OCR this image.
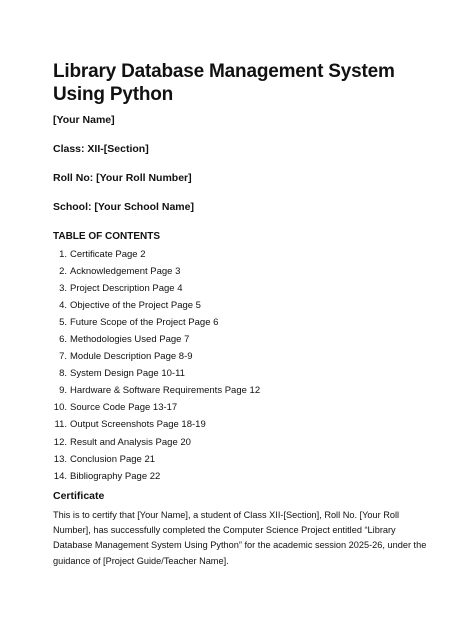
Library Database Management System Using Python

[Your Name]

Class: XII-[Section]

Roll No: [Your Roll Number]

School: [Your School Name]

TABLE OF CONTENTS
1. Certificate Page 2
2. Acknowledgement Page 3
3. Project Description Page 4
4. Objective of the Project Page 5
5. Future Scope of the Project Page 6
6. Methodologies Used Page 7
7. Module Description Page 8-9
8. System Design Page 10-11
9. Hardware & Software Requirements Page 12
10. Source Code Page 13-17
11. Output Screenshots Page 18-19
12. Result and Analysis Page 20
13. Conclusion Page 21
14. Bibliography Page 22
Certificate

This is to certify that [Your Name], a student of Class XII-[Section], Roll No. [Your Roll Number], has successfully completed the Computer Science Project entitled “Library Database Management System Using Python” for the academic session 2025-26, under the guidance of [Project Guide/Teacher Name].
